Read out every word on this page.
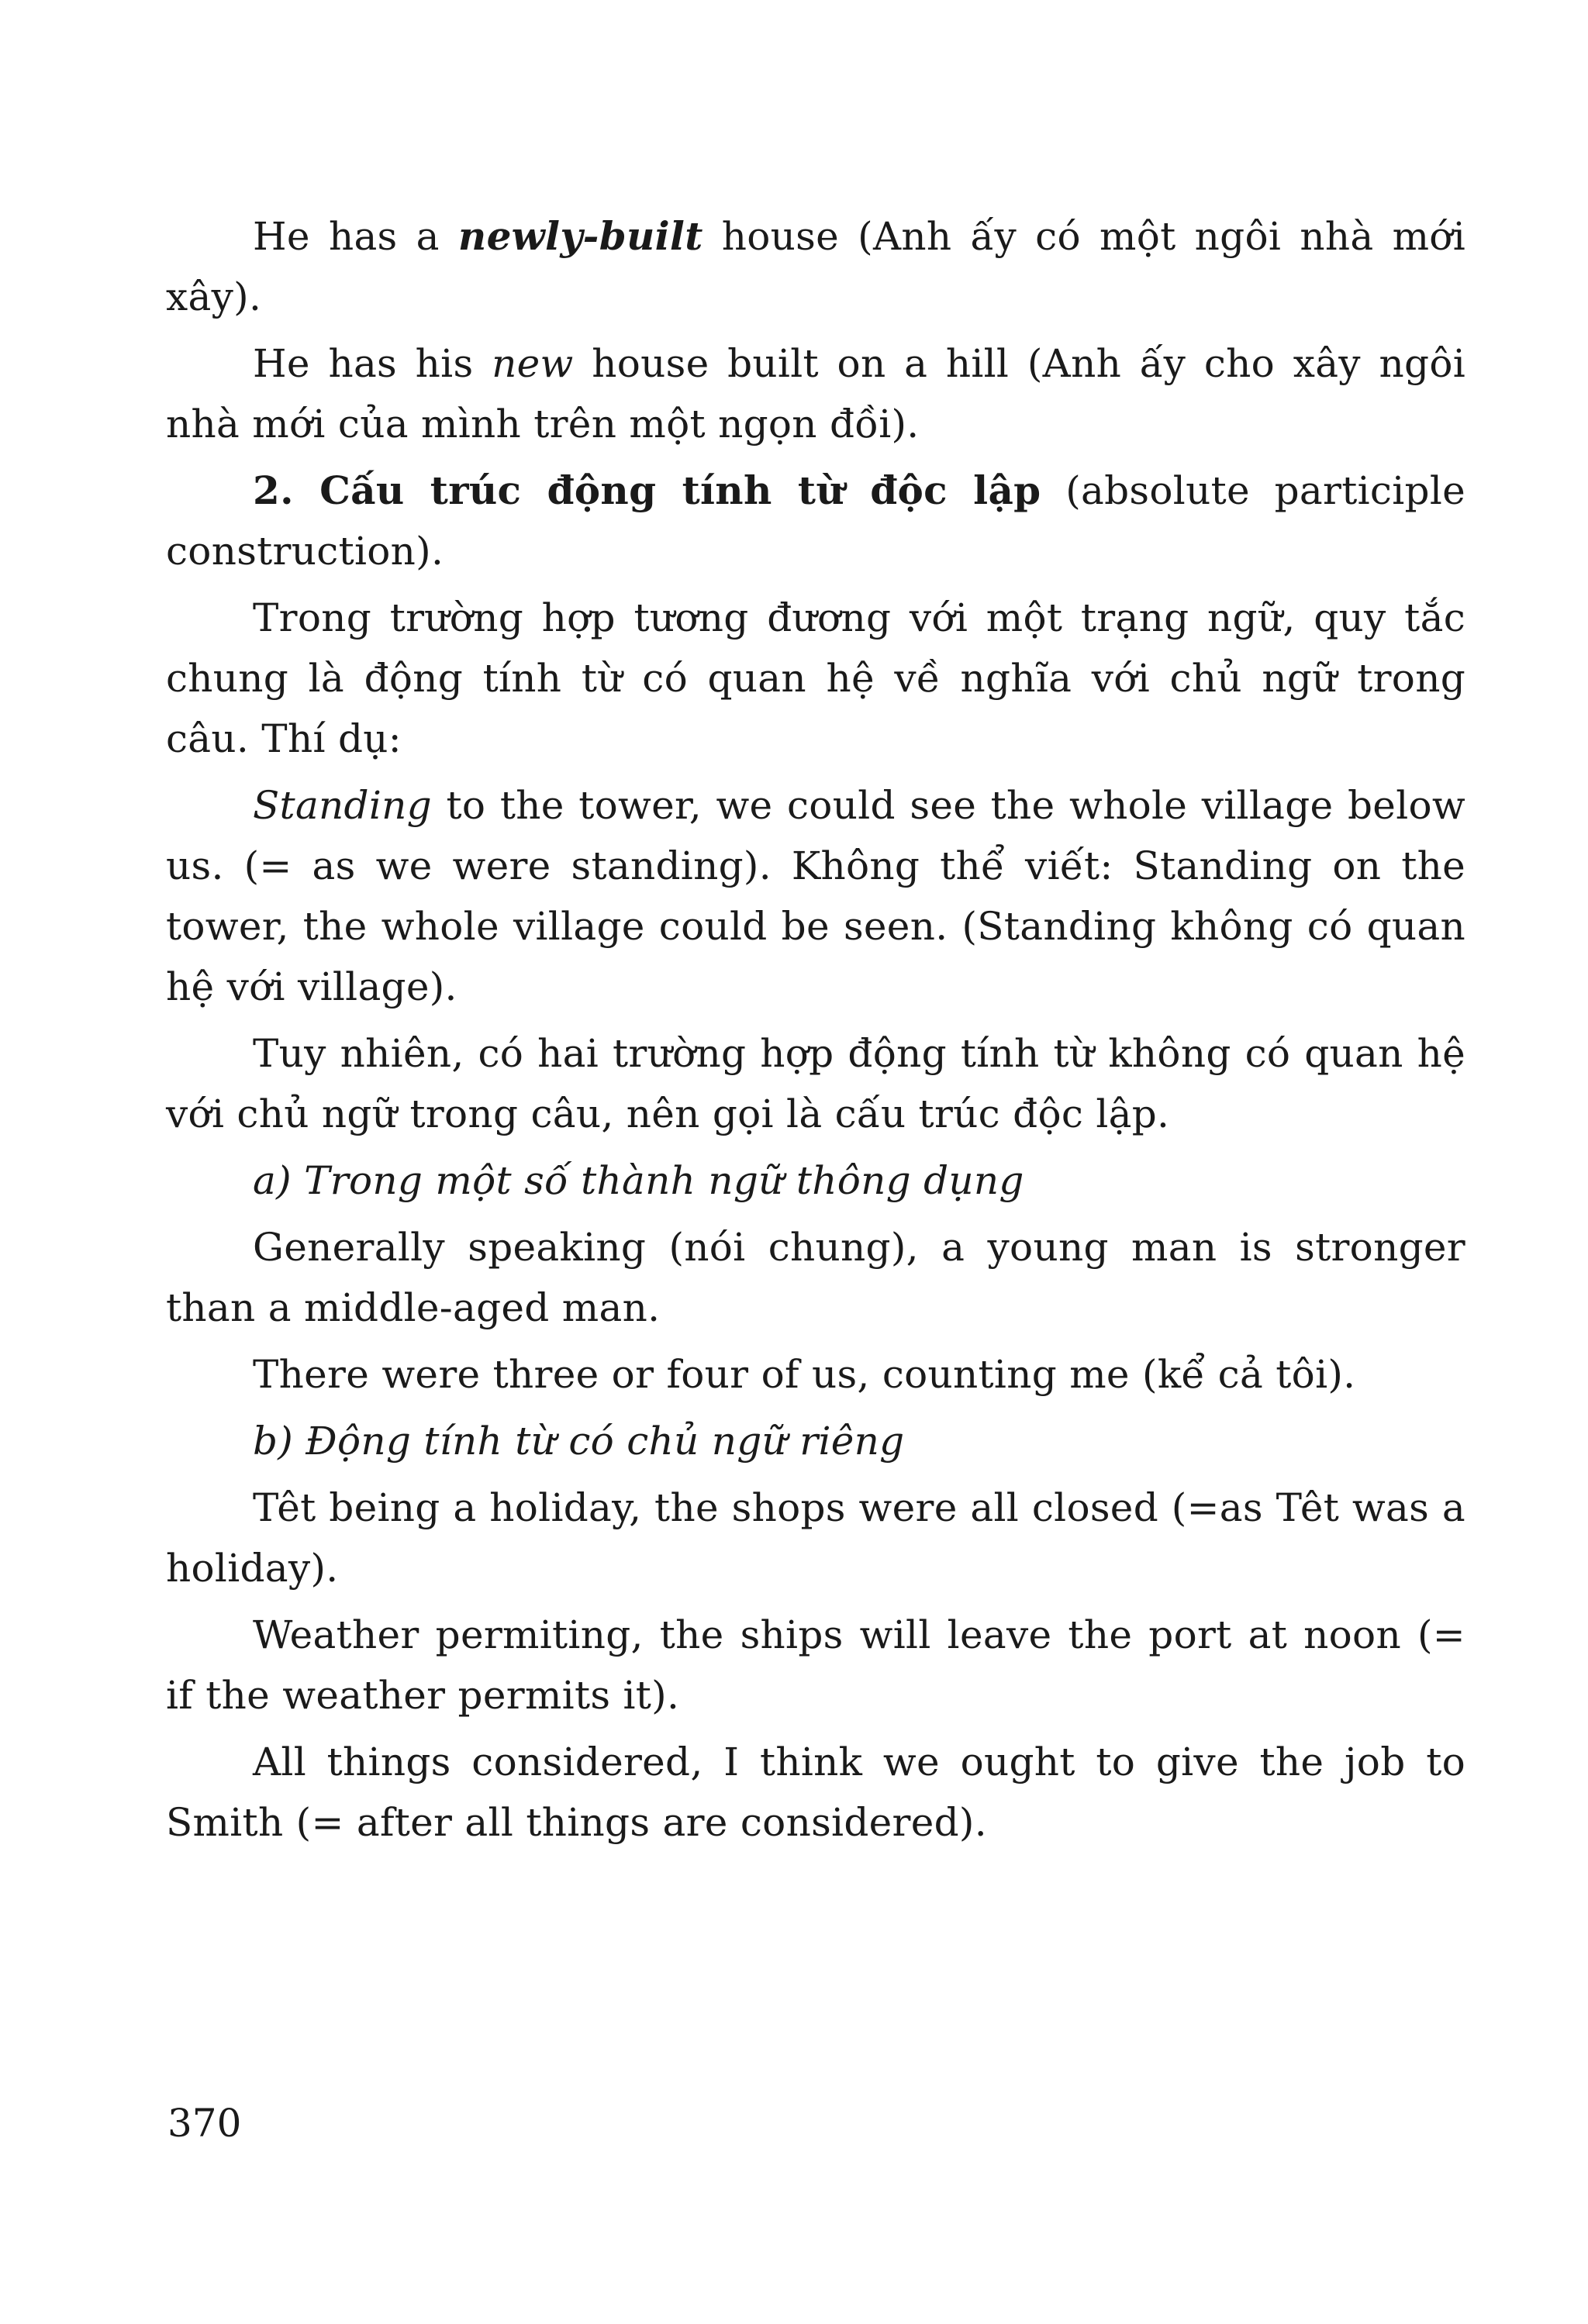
He has a newly-built house (Anh ấy có một ngôi nhà mới xây).

He has his new house built on a hill (Anh ấy cho xây ngôi nhà mới của mình trên một ngọn đồi).

2. Cấu trúc động tính từ độc lập (absolute participle construction).

Trong trường hợp tương đương với một trạng ngữ, quy tắc chung là động tính từ có quan hệ về nghĩa với chủ ngữ trong câu. Thí dụ:

Standing to the tower, we could see the whole village below us. (= as we were standing). Không thể viết: Standing on the tower, the whole village could be seen. (Standing không có quan hệ với village).

Tuy nhiên, có hai trường hợp động tính từ không có quan hệ với chủ ngữ trong câu, nên gọi là cấu trúc độc lập.

a) Trong một số thành ngữ thông dụng

Generally speaking (nói chung), a young man is stronger than a middle-aged man.

There were three or four of us, counting me (kể cả tôi).

b) Động tính từ có chủ ngữ riêng

Têt being a holiday, the shops were all closed (=as Têt was a holiday).

Weather permiting, the ships will leave the port at noon (= if the weather permits it).

All things considered, I think we ought to give the job to Smith (= after all things are considered).

370
